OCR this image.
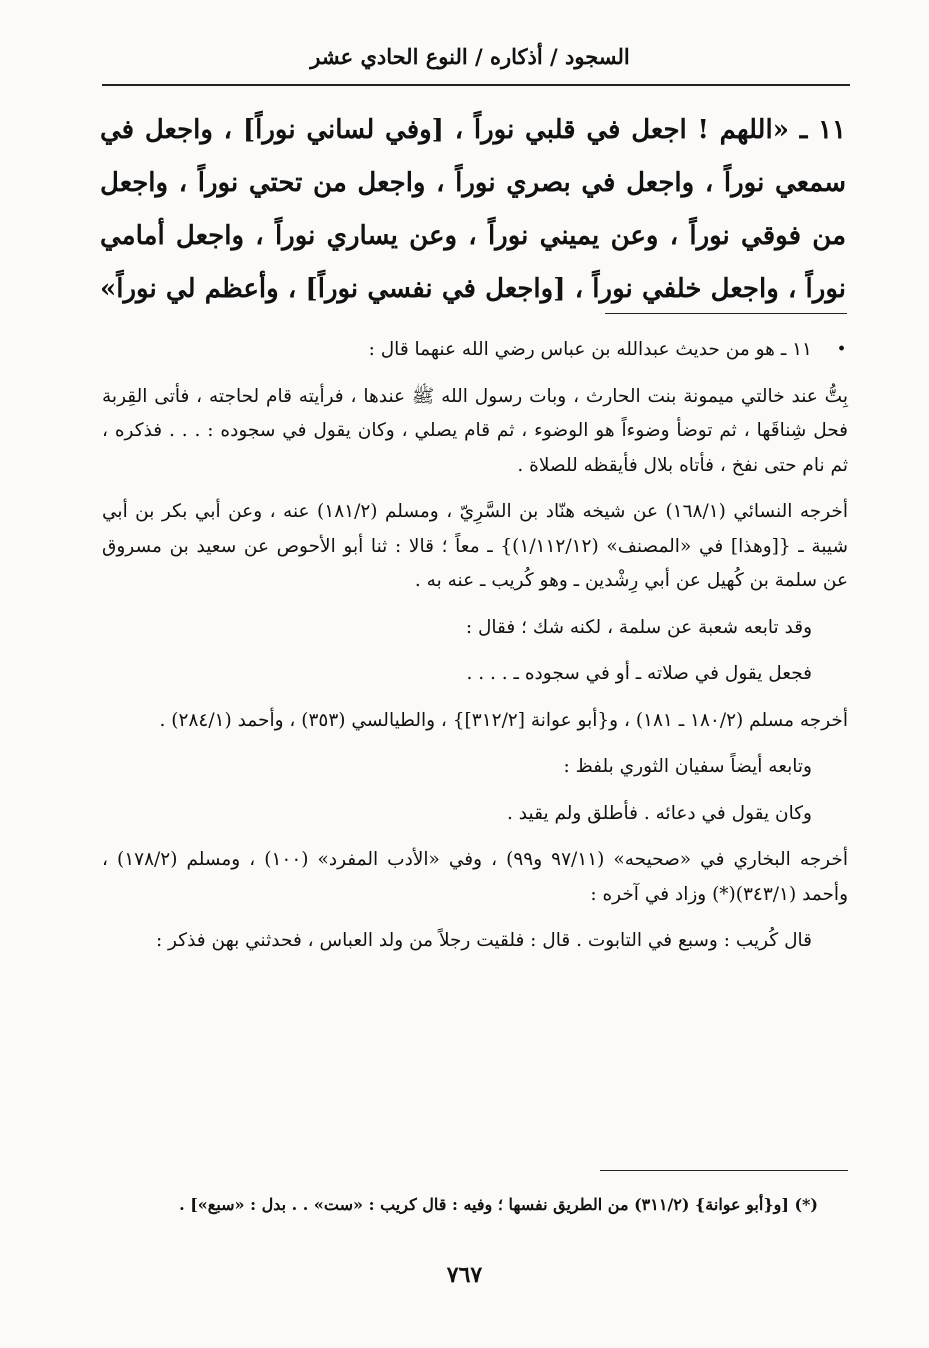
السجود / أذكاره / النوع الحادي عشر
١١ ـ «اللهم ! اجعل في قلبي نوراً ، [وفي لساني نوراً] ، واجعل في سمعي نوراً ، واجعل في بصري نوراً ، واجعل من تحتي نوراً ، واجعل من فوقي نوراً ، وعن يميني نوراً ، وعن يساري نوراً ، واجعل أمامي نوراً ، واجعل خلفي نوراً ، [واجعل في نفسي نوراً] ، وأعظم لي نوراً» .

١١ ـ هو من حديث عبدالله بن عباس رضي الله عنهما قال :

بِتُّ عند خالتي ميمونة بنت الحارث ، وبات رسول الله ﷺ عندها ، فرأيته قام لحاجته ، فأتى القِربة فحل شِناقَها ، ثم توضأ وضوءاً هو الوضوء ، ثم قام يصلي ، وكان يقول في سجوده : . . . فذكره ، ثم نام حتى نفخ ، فأتاه بلال فأيقظه للصلاة .

أخرجه النسائي (١٦٨/١) عن شيخه هنّاد بن السَّرِيّ ، ومسلم (١٨١/٢) عنه ، وعن أبي بكر بن أبي شيبة ـ {[وهذا] في «المصنف» (١/١١٢/١٢)} ـ معاً ؛ قالا : ثنا أبو الأحوص عن سعيد بن مسروق عن سلمة بن كُهيل عن أبي رِشْدين ـ وهو كُريب ـ عنه به .

وقد تابعه شعبة عن سلمة ، لكنه شك ؛ فقال :

فجعل يقول في صلاته ـ أو في سجوده ـ . . . .

أخرجه مسلم (١٨٠/٢ ـ ١٨١) ، و{أبو عوانة [٣١٢/٢]} ، والطيالسي (٣٥٣) ، وأحمد (٢٨٤/١) .

وتابعه أيضاً سفيان الثوري بلفظ :

وكان يقول في دعائه . فأطلق ولم يقيد .

أخرجه البخاري في «صحيحه» (٩٧/١١ و٩٩) ، وفي «الأدب المفرد» (١٠٠) ، ومسلم (١٧٨/٢) ، وأحمد (٣٤٣/١)(*) وزاد في آخره :

قال كُريب : وسبع في التابوت . قال : فلقيت رجلاً من ولد العباس ، فحدثني بهن فذكر :

(*) [و{أبو عوانة} (٣١١/٢) من الطريق نفسها ؛ وفيه : قال كريب : «ست» . . بدل : «سبع»] .
٧٦٧
